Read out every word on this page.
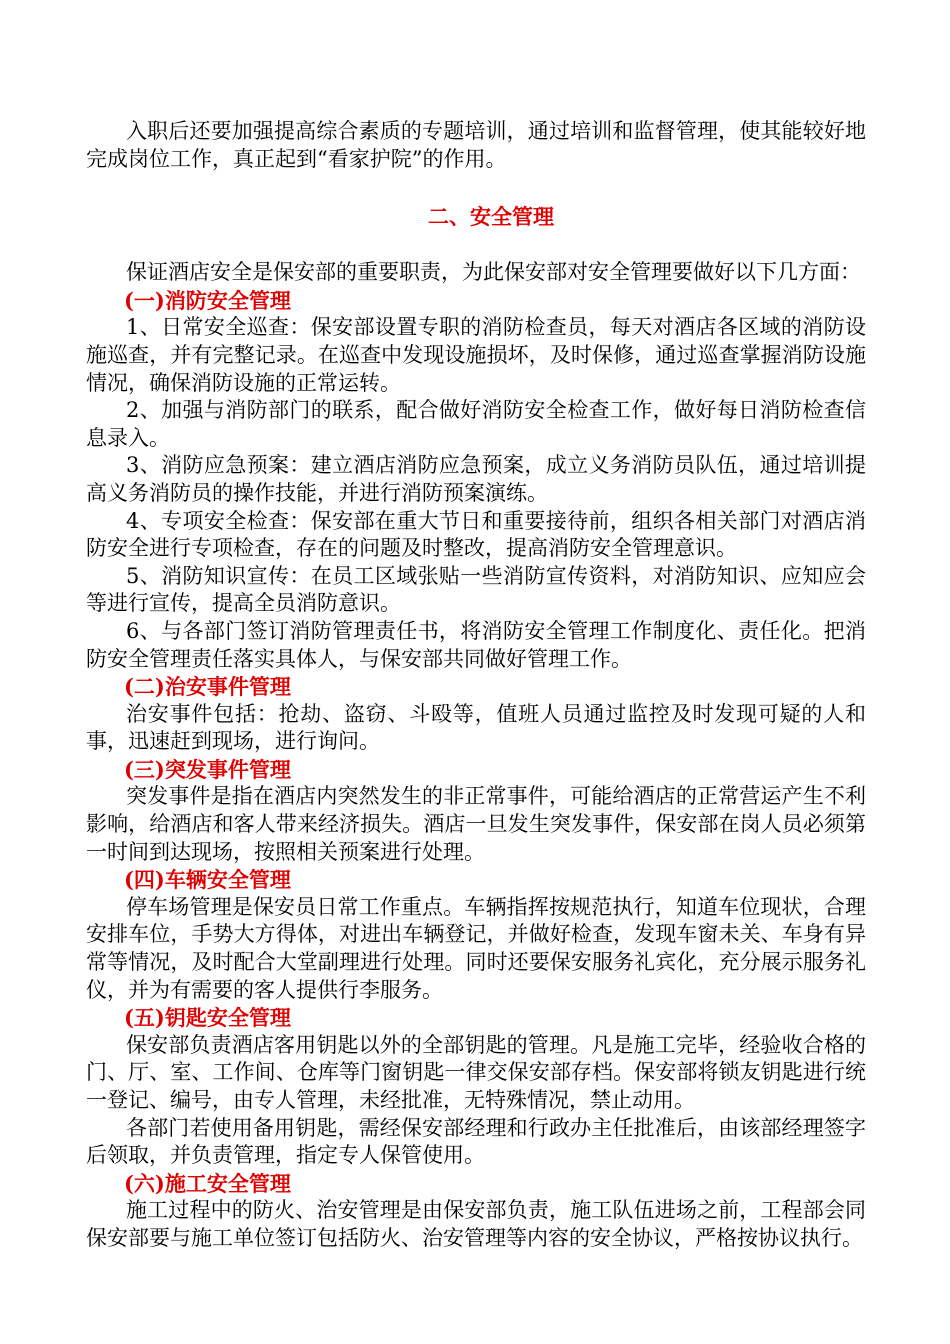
入职后还要加强提高综合素质的专题培训，通过培训和监督管理，使其能较好地完成岗位工作，真正起到“看家护院”的作用。

二、安全管理

保证酒店安全是保安部的重要职责，为此保安部对安全管理要做好以下几方面：

(一)消防安全管理

1、日常安全巡查：保安部设置专职的消防检查员，每天对酒店各区域的消防设施巡查，并有完整记录。在巡查中发现设施损坏，及时保修，通过巡查掌握消防设施情况，确保消防设施的正常运转。

2、加强与消防部门的联系，配合做好消防安全检查工作，做好每日消防检查信息录入。

3、消防应急预案：建立酒店消防应急预案，成立义务消防员队伍，通过培训提高义务消防员的操作技能，并进行消防预案演练。

4、专项安全检查：保安部在重大节日和重要接待前，组织各相关部门对酒店消防安全进行专项检查，存在的问题及时整改，提高消防安全管理意识。

5、消防知识宣传：在员工区域张贴一些消防宣传资料，对消防知识、应知应会等进行宣传，提高全员消防意识。

6、与各部门签订消防管理责任书，将消防安全管理工作制度化、责任化。把消防安全管理责任落实具体人，与保安部共同做好管理工作。

(二)治安事件管理

治安事件包括：抢劫、盗窃、斗殴等，值班人员通过监控及时发现可疑的人和事，迅速赶到现场，进行询问。

(三)突发事件管理

突发事件是指在酒店内突然发生的非正常事件，可能给酒店的正常营运产生不利影响，给酒店和客人带来经济损失。酒店一旦发生突发事件，保安部在岗人员必须第一时间到达现场，按照相关预案进行处理。

(四)车辆安全管理

停车场管理是保安员日常工作重点。车辆指挥按规范执行，知道车位现状，合理安排车位，手势大方得体，对进出车辆登记，并做好检查，发现车窗未关、车身有异常等情况，及时配合大堂副理进行处理。同时还要保安服务礼宾化，充分展示服务礼仪，并为有需要的客人提供行李服务。

(五)钥匙安全管理

保安部负责酒店客用钥匙以外的全部钥匙的管理。凡是施工完毕，经验收合格的门、厅、室、工作间、仓库等门窗钥匙一律交保安部存档。保安部将锁友钥匙进行统一登记、编号，由专人管理，未经批准，无特殊情况，禁止动用。

各部门若使用备用钥匙，需经保安部经理和行政办主任批准后，由该部经理签字后领取，并负责管理，指定专人保管使用。

(六)施工安全管理

施工过程中的防火、治安管理是由保安部负责，施工队伍进场之前，工程部会同保安部要与施工单位签订包括防火、治安管理等内容的安全协议，严格按协议执行。
